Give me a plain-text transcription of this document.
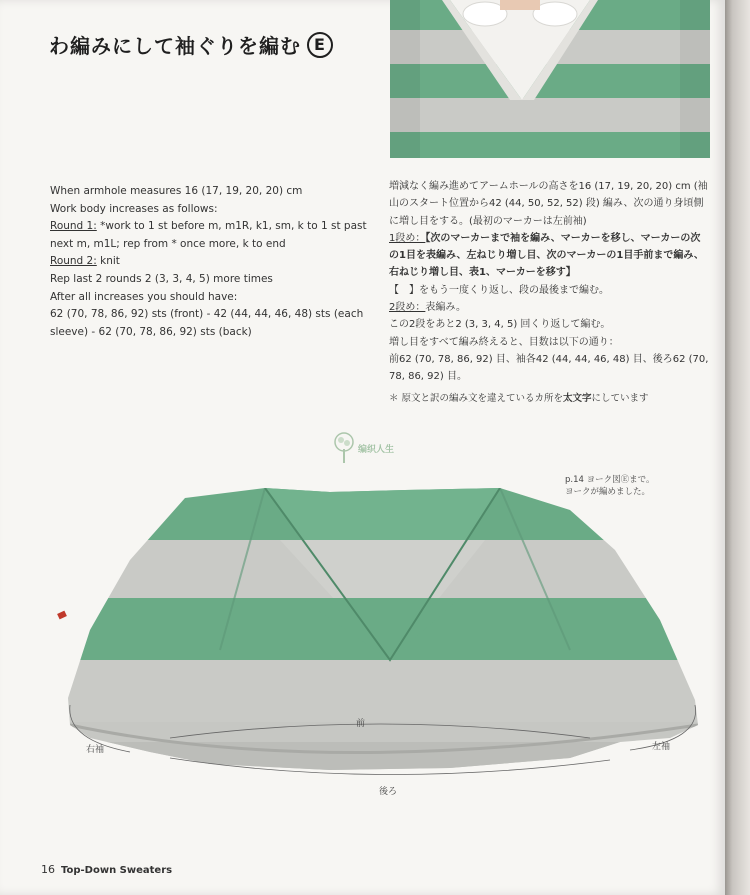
わ編みにして袖ぐりを編む E

When armhole measures 16 (17, 19, 20, 20) cm

Work body increases as follows:

Round 1: *work to 1 st before m, m1R, k1, sm, k to 1 st past next m, m1L; rep from * once more, k to end

Round 2: knit

Rep last 2 rounds 2 (3, 3, 4, 5) more times

After all increases you should have:

62 (70, 78, 86, 92) sts (front) - 42 (44, 44, 46, 48) sts (each sleeve) - 62 (70, 78, 86, 92) sts (back)

増減なく編み進めてアームホールの高さを16 (17, 19, 20, 20) cm (袖山のスタート位置から42 (44, 50, 52, 52) 段) 編み、次の通り身頃側に増し目をする。(最初のマーカーは左前袖)

1段め：【次のマーカーまで袖を編み、マーカーを移し、マーカーの次の1目を表編み、左ねじり増し目、次のマーカーの1目手前まで編み、右ねじり増し目、表1、マーカーを移す】

【　】をもう一度くり返し、段の最後まで編む。

2段め：表編み。

この2段をあと2 (3, 3, 4, 5) 回くり返して編む。

増し目をすべて編み終えると、目数は以下の通り：

前62 (70, 78, 86, 92) 目、袖各42 (44, 44, 46, 48) 目、後ろ62 (70, 78, 86, 92) 目。

＊ 原文と訳の編み文を違えているカ所を太文字にしています

编织人生

p.14 ヨーク図Ⓔまで。

ヨークが編めました。

前
右袖	左袖
後ろ
16 Top-Down Sweaters
